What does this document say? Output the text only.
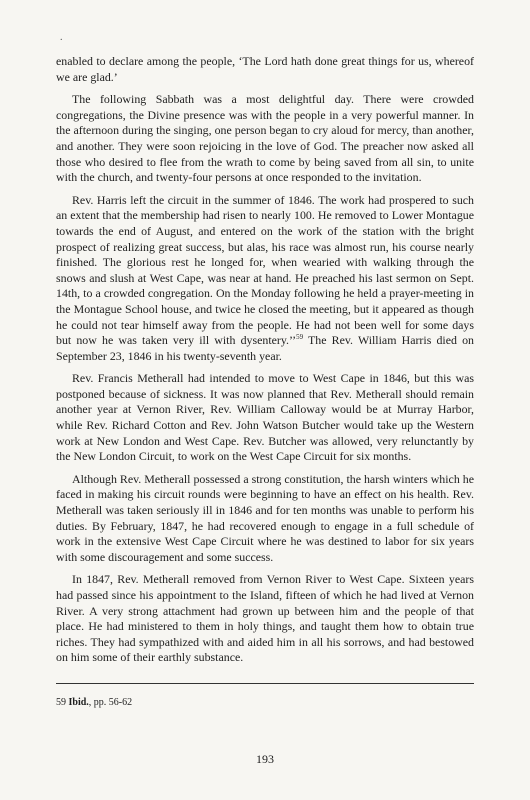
.

enabled to declare among the people, ‘The Lord hath done great things for us, whereof we are glad.’

The following Sabbath was a most delightful day. There were crowded congregations, the Divine presence was with the people in a very powerful manner. In the afternoon during the singing, one person began to cry aloud for mercy, than another, and another. They were soon rejoicing in the love of God. The preacher now asked all those who desired to flee from the wrath to come by being saved from all sin, to unite with the church, and twenty-four persons at once responded to the invitation.

Rev. Harris left the circuit in the summer of 1846. The work had prospered to such an extent that the membership had risen to nearly 100. He removed to Lower Montague towards the end of August, and entered on the work of the station with the bright prospect of realizing great success, but alas, his race was almost run, his course nearly finished. The glorious rest he longed for, when wearied with walking through the snows and slush at West Cape, was near at hand. He preached his last sermon on Sept. 14th, to a crowded congregation. On the Monday following he held a prayer-meeting in the Montague School house, and twice he closed the meeting, but it appeared as though he could not tear himself away from the people. He had not been well for some days but now he was taken very ill with dysentery.’’$^{59}$ The Rev. William Harris died on September 23, 1846 in his twenty-seventh year.

Rev. Francis Metherall had intended to move to West Cape in 1846, but this was postponed because of sickness. It was now planned that Rev. Metherall should remain another year at Vernon River, Rev. William Calloway would be at Murray Harbor, while Rev. Richard Cotton and Rev. John Watson Butcher would take up the Western work at New London and West Cape. Rev. Butcher was allowed, very relunctantly by the New London Circuit, to work on the West Cape Circuit for six months.

Although Rev. Metherall possessed a strong constitution, the harsh winters which he faced in making his circuit rounds were beginning to have an effect on his health. Rev. Metherall was taken seriously ill in 1846 and for ten months was unable to perform his duties. By February, 1847, he had recovered enough to engage in a full schedule of work in the extensive West Cape Circuit where he was destined to labor for six years with some discouragement and some success.

In 1847, Rev. Metherall removed from Vernon River to West Cape. Sixteen years had passed since his appointment to the Island, fifteen of which he had lived at Vernon River. A very strong attachment had grown up between him and the people of that place. He had ministered to them in holy things, and taught them how to obtain true riches. They had sympathized with and aided him in all his sorrows, and had bestowed on him some of their earthly substance.

59 Ibid., pp. 56-62
193
